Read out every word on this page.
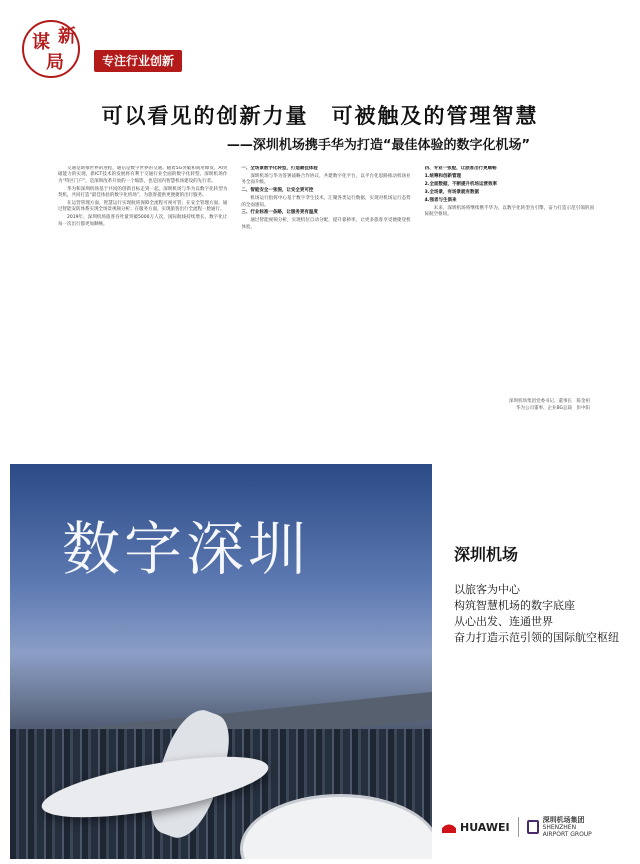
谋 新
局	专注行业创新
可以看见的创新力量　可被触及的管理智慧
——深圳机场携手华为打造“最佳体验的数字化机场”

交通是助推世界的进程，通信是数字世界的交通。随着5G突破和商用爆发，AI突破能力的实现，新ICT技术的发展将有利于交通行业全面的数字化转型。深圳机场作为“特区门户”，是深圳改革开放的一个缩影，也是国内智慧机场建设的先行者。

华为和深圳机场基于共同的创新目标走到一起。深圳机场与华为以数字化转型为契机，共同打造“最佳体验的数字化机场”，为旅客提供更便捷的出行服务。

在运营管理方面，智慧运行实现航班保障全流程可视可管；在安全管理方面，通过智能安防体系实现全场景视频分析；在服务方面，实现旅客出行全流程一脸通行。

2019年，深圳机场旅客吞吐量突破5000万人次，国际航线持续增长。数字化让每一次出行都更加顺畅。

一、全场景数字化转型，打造最佳体验

深圳机场与华为签署战略合作协议，共建数字化平台，以平台化思路推动机场业务全面升级。

二、智能安全一张图，让安全更可控

机场运行指挥中心基于数字孪生技术，汇聚各类运行数据，实现对机场运行态势的全面感知。

三、行业标准一条路，让服务更有温度

通过智能视频分析，实现机位自动分配，提升靠桥率，让更多旅客享受便捷登机体验。

四、专业一张脸，让旅客出行更顺畅

1.统筹和创新管理

2.全面数据，不断提升机场运营效率

3.全场景，有场景就有数据

4.强者与生俱来

未来，深圳机场将继续携手华为，以数字化转型为引擎，奋力打造示范引领的国际航空枢纽。

深圳机场集团党委书记、董事长　陈金祖
华为公司董事、企业BG总裁　彭中阳
数字深圳	深圳机场
以旅客为中心
构筑智慧机场的数字底座
从心出发、连通世界
奋力打造示范引领的国际航空枢纽
HUAWEI
深圳机场集团
SHENZHEN
AIRPORT GROUP
